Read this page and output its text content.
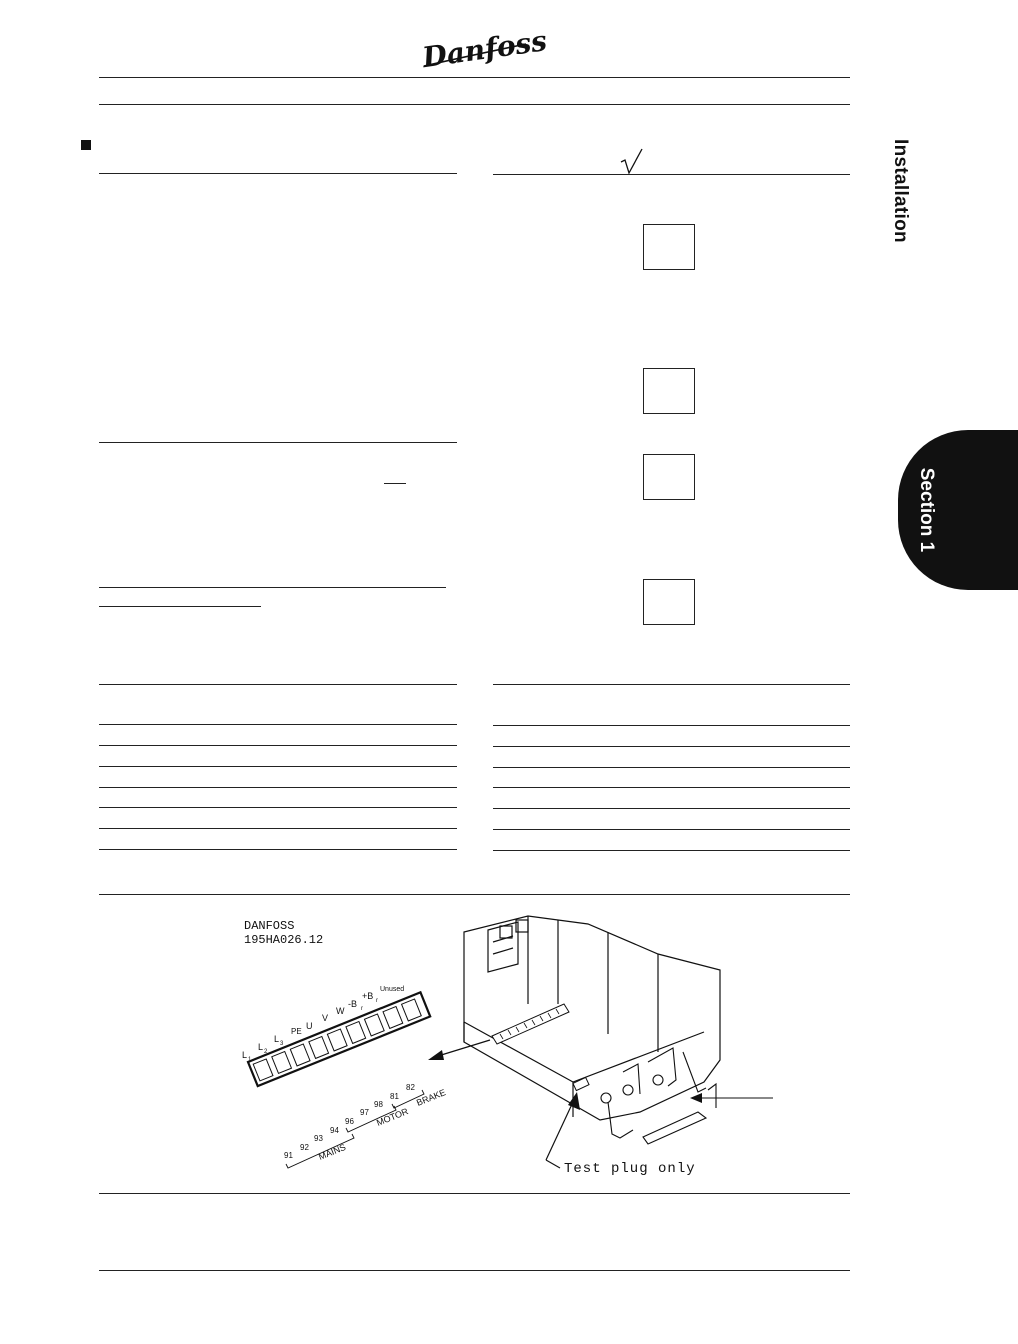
Danfoss
Installation
Section 1
DANFOSS
195HA026.12
Test plug only
L 1
L 2
L 3
PE
U
V
W
-B r
+B r
Unused
91
92
93
94
96
97
98
81
82
MAINS
MOTOR
BRAKE
